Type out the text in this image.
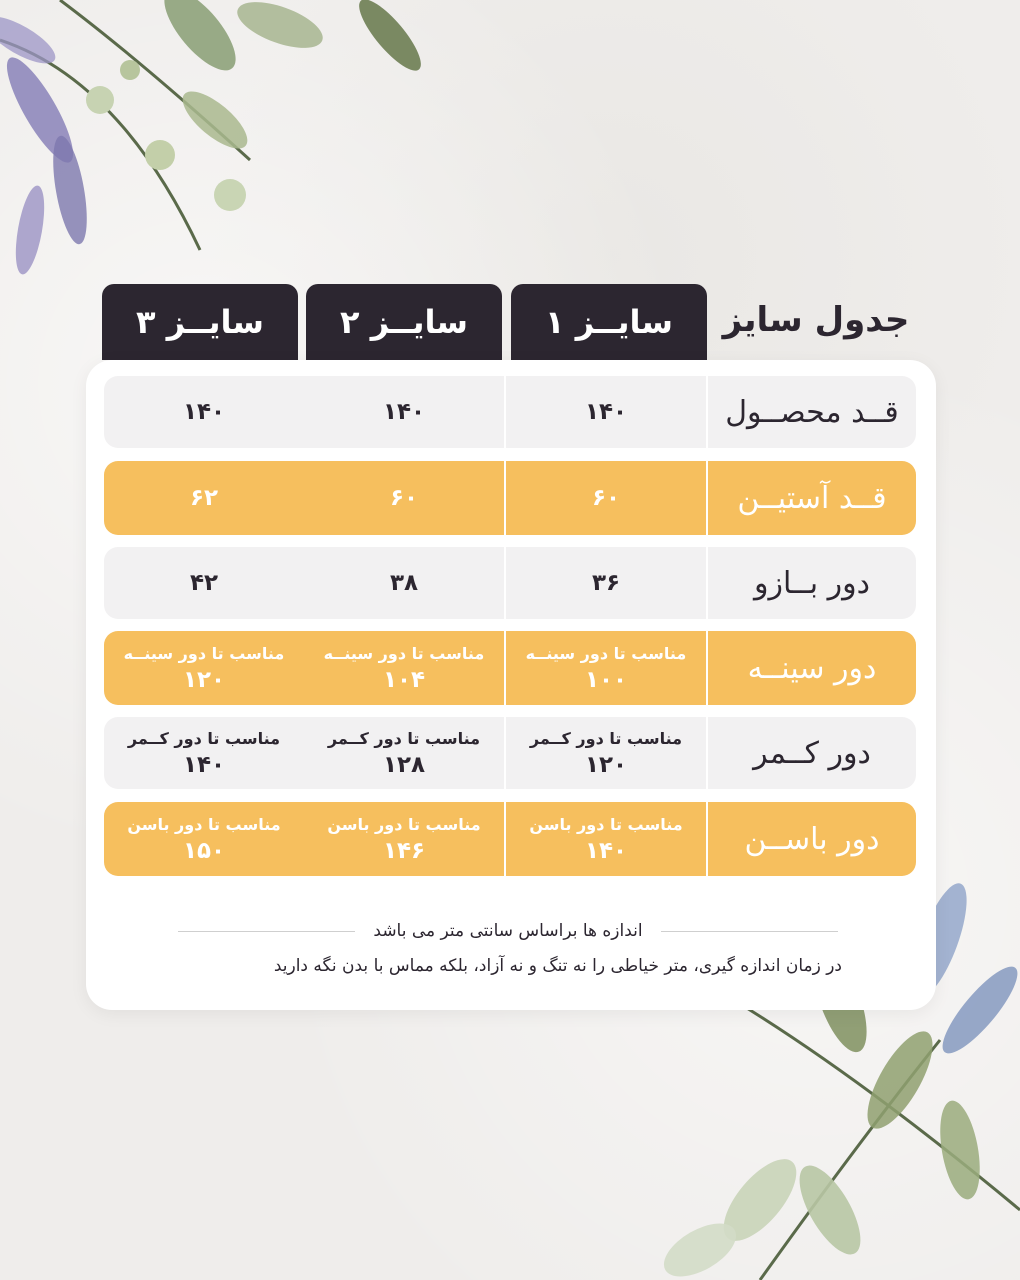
جدول سایز
سایــز ۱
سایــز ۲
سایــز ۳
قــد محصــول
۱۴۰
۱۴۰
۱۴۰
قــد آستیــن
۶۰
۶۰
۶۲
دور بــازو
۳۶
۳۸
۴۲
دور سینــه
مناسب تا دور سینــه
۱۰۰
مناسب تا دور سینــه
۱۰۴
مناسب تا دور سینــه
۱۲۰
دور کــمر
مناسب تا دور کــمر
۱۲۰
مناسب تا دور کــمر
۱۲۸
مناسب تا دور کــمر
۱۴۰
دور باســن
مناسب تا دور باسن
۱۴۰
مناسب تا دور باسن
۱۴۶
مناسب تا دور باسن
۱۵۰
اندازه ها براساس سانتی متر می باشد
در زمان اندازه گیری، متر خیاطی را نه تنگ و نه آزاد، بلکه مماس با بدن نگه دارید
